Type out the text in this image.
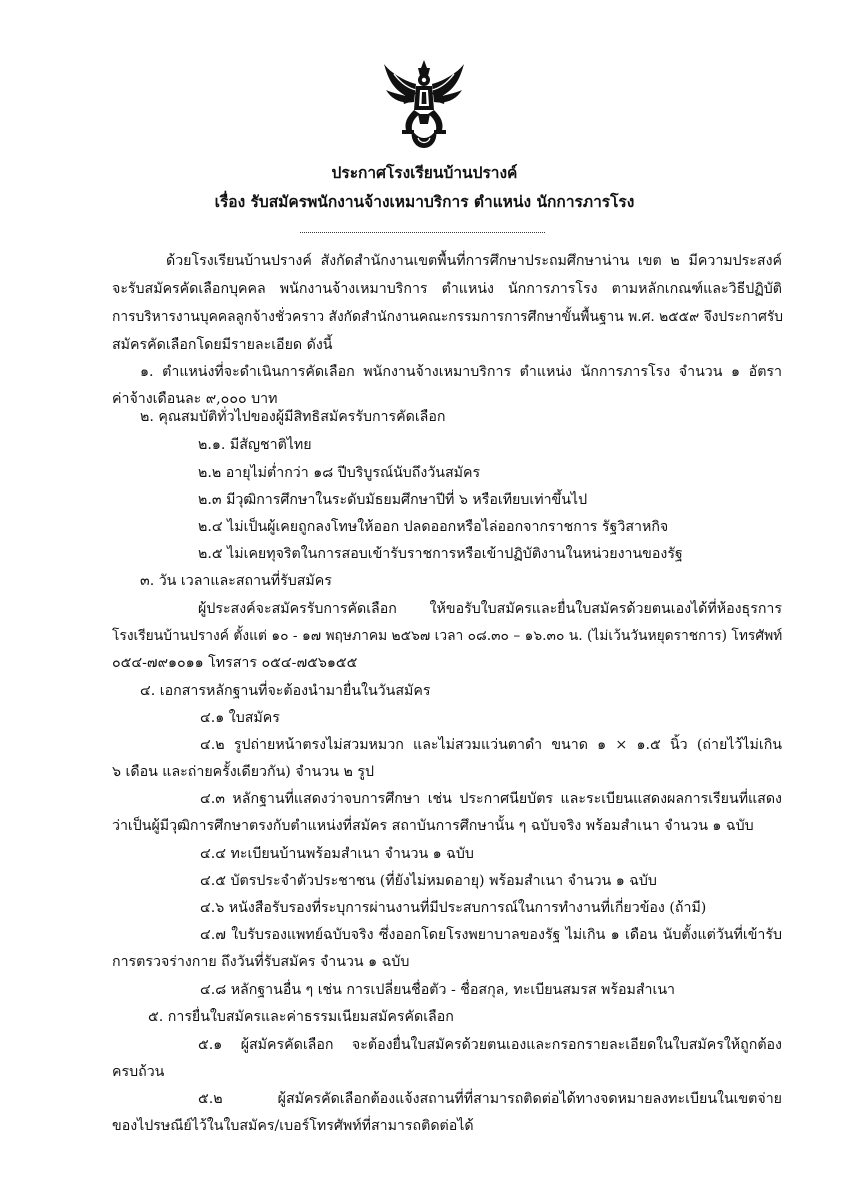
ประกาศโรงเรียนบ้านปรางค์
เรื่อง รับสมัครพนักงานจ้างเหมาบริการ ตำแหน่ง นักการภารโรง
ด้วยโรงเรียนบ้านปรางค์ สังกัดสำนักงานเขตพื้นที่การศึกษาประถมศึกษาน่าน เขต ๒ มีความประสงค์
จะรับสมัครคัดเลือกบุคคล พนักงานจ้างเหมาบริการ ตำแหน่ง นักการภารโรง ตามหลักเกณฑ์และวิธีปฏิบัติ
การบริหารงานบุคคลลูกจ้างชั่วคราว สังกัดสำนักงานคณะกรรมการการศึกษาขั้นพื้นฐาน พ.ศ. ๒๕๕๙ จึงประกาศรับ
สมัครคัดเลือกโดยมีรายละเอียด ดังนี้
๑. ตำแหน่งที่จะดำเนินการคัดเลือก พนักงานจ้างเหมาบริการ ตำแหน่ง นักการภารโรง จำนวน ๑ อัตรา
ค่าจ้างเดือนละ ๙,๐๐๐ บาท
๒. คุณสมบัติทั่วไปของผู้มีสิทธิสมัครรับการคัดเลือก
๒.๑. มีสัญชาติไทย
๒.๒ อายุไม่ต่ำกว่า ๑๘ ปีบริบูรณ์นับถึงวันสมัคร
๒.๓ มีวุฒิการศึกษาในระดับมัธยมศึกษาปีที่ ๖ หรือเทียบเท่าขึ้นไป
๒.๔ ไม่เป็นผู้เคยถูกลงโทษให้ออก ปลดออกหรือไล่ออกจากราชการ รัฐวิสาหกิจ
๒.๕ ไม่เคยทุจริตในการสอบเข้ารับราชการหรือเข้าปฏิบัติงานในหน่วยงานของรัฐ
๓. วัน เวลาและสถานที่รับสมัคร
ผู้ประสงค์จะสมัครรับการคัดเลือก ให้ขอรับใบสมัครและยื่นใบสมัครด้วยตนเองได้ที่ห้องธุรการ
โรงเรียนบ้านปรางค์ ตั้งแต่ ๑๐ - ๑๗ พฤษภาคม ๒๕๖๗ เวลา ๐๘.๓๐ – ๑๖.๓๐ น. (ไม่เว้นวันหยุดราชการ) โทรศัพท์
๐๕๔-๗๙๑๐๑๑ โทรสาร ๐๕๔-๗๕๖๑๕๕
๔. เอกสารหลักฐานที่จะต้องนำมายื่นในวันสมัคร
๔.๑ ใบสมัคร
๔.๒ รูปถ่ายหน้าตรงไม่สวมหมวก และไม่สวมแว่นตาดำ ขนาด ๑ × ๑.๕ นิ้ว (ถ่ายไว้ไม่เกิน
๖ เดือน และถ่ายครั้งเดียวกัน) จำนวน ๒ รูป
๔.๓ หลักฐานที่แสดงว่าจบการศึกษา เช่น ประกาศนียบัตร และระเบียนแสดงผลการเรียนที่แสดง
ว่าเป็นผู้มีวุฒิการศึกษาตรงกับตำแหน่งที่สมัคร สถาบันการศึกษานั้น ๆ ฉบับจริง พร้อมสำเนา จำนวน ๑ ฉบับ
๔.๔ ทะเบียนบ้านพร้อมสำเนา จำนวน ๑ ฉบับ
๔.๕ บัตรประจำตัวประชาชน (ที่ยังไม่หมดอายุ) พร้อมสำเนา จำนวน ๑ ฉบับ
๔.๖ หนังสือรับรองที่ระบุการผ่านงานที่มีประสบการณ์ในการทำงานที่เกี่ยวข้อง (ถ้ามี)
๔.๗ ใบรับรองแพทย์ฉบับจริง ซึ่งออกโดยโรงพยาบาลของรัฐ ไม่เกิน ๑ เดือน นับตั้งแต่วันที่เข้ารับ
การตรวจร่างกาย ถึงวันที่รับสมัคร จำนวน ๑ ฉบับ
๔.๘ หลักฐานอื่น ๆ เช่น การเปลี่ยนชื่อตัว - ชื่อสกุล, ทะเบียนสมรส พร้อมสำเนา
๕. การยื่นใบสมัครและค่าธรรมเนียมสมัครคัดเลือก
๕.๑ ผู้สมัครคัดเลือก จะต้องยื่นใบสมัครด้วยตนเองและกรอกรายละเอียดในใบสมัครให้ถูกต้อง
ครบถ้วน
๕.๒ ผู้สมัครคัดเลือกต้องแจ้งสถานที่ที่สามารถติดต่อได้ทางจดหมายลงทะเบียนในเขตจ่าย
ของไปรษณีย์ไว้ในใบสมัคร/เบอร์โทรศัพท์ที่สามารถติดต่อได้
